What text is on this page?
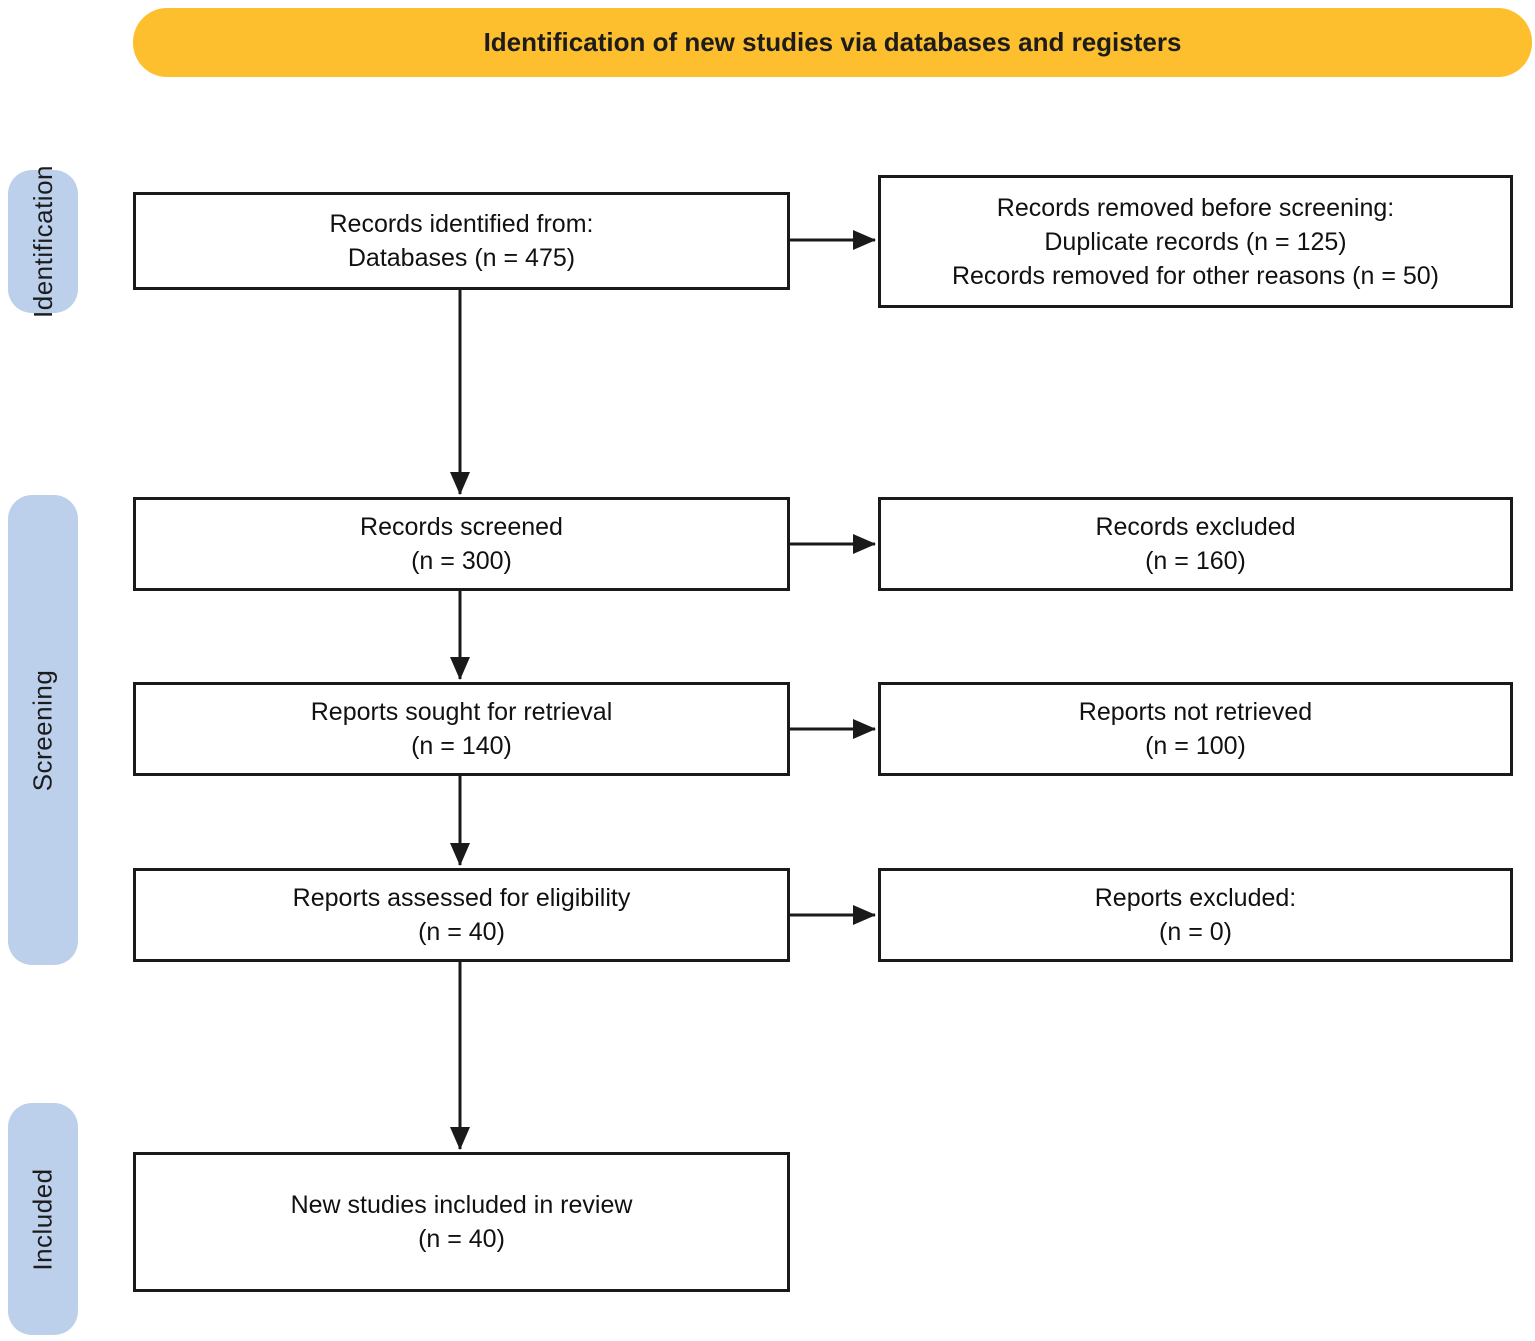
Identification of new studies via databases and registers
Identification
Screening
Included
Records identified from:
Databases (n = 475)
Records screened
(n = 300)
Reports sought for retrieval
(n = 140)
Reports assessed for eligibility
(n = 40)
New studies included in review
(n = 40)
Records removed before screening:
Duplicate records (n = 125)
Records removed for other reasons (n = 50)
Records excluded
(n = 160)
Reports not retrieved
(n = 100)
Reports excluded:
(n = 0)
